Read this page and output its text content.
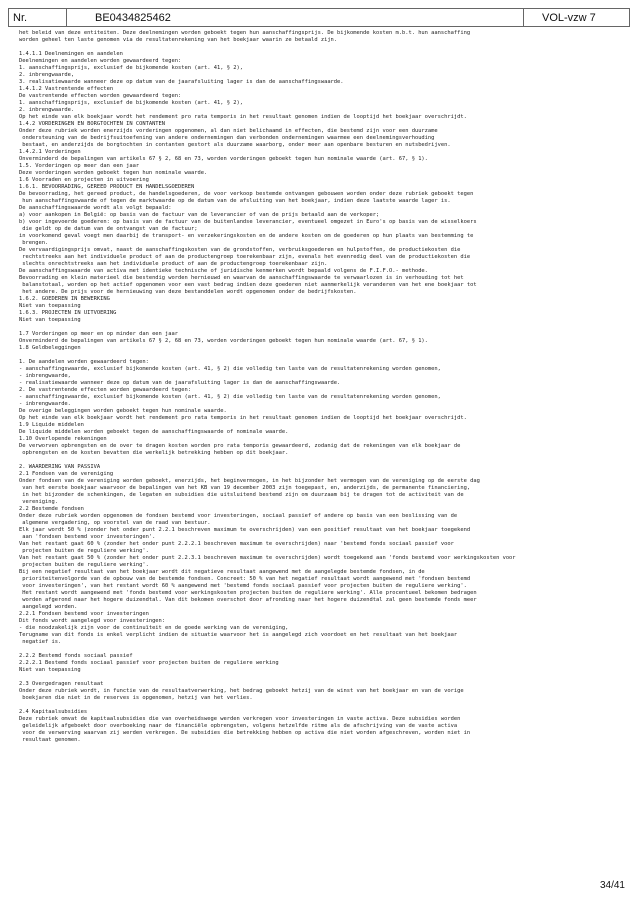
Nr.	BE0434825462	VOL-vzw 7
het beleid van deze entiteiten. Deze deelnemingen worden geboekt tegen hun aanschaffingsprijs. De bijkomende kosten m.b.t. hun aanschaffing
worden geheel ten laste genomen via de resultatenrekening van het boekjaar waarin ze betaald zijn.
1.4.1.1 Deelnemingen en aandelen
Deelnemingen en aandelen worden gewaardeerd tegen:
1. aanschaffingsprijs, exclusief de bijkomende kosten (art. 41, § 2),
2. inbrengwaarde,
3. realisatiewaarde wanneer deze op datum van de jaarafsluiting lager is dan de aanschaffingswaarde.
1.4.1.2 Vastrentende effecten
De vastrentende effecten worden gewaardeerd tegen:
1. aanschaffingsprijs, exclusief de bijkomende kosten (art. 41, § 2),
2. inbrengwaarde.
Op het einde van elk boekjaar wordt het rendement pro rata temporis in het resultaat genomen indien de looptijd het boekjaar overschrijdt.
1.4.2 VORDERINGEN EN BORGTOCHTEN IN CONTANTEN
Onder deze rubriek worden enerzijds vorderingen opgenomen, al dan niet belichaamd in effecten, die bestemd zijn voor een duurzame
ondersteuning van de bedrijfsuitoefening van andere ondernemingen dan verbonden ondernemingen waarmee een deelnemingsverhouding
bestaat, en anderzijds de borgtochten in contanten gestort als duurzame waarborg, onder meer aan openbare besturen en nutsbedrijven.
1.4.2.1 Vorderingen
Onverminderd de bepalingen van artikels 67 § 2, 68 en 73, worden vorderingen geboekt tegen hun nominale waarde (art. 67, § 1).
1.5. Vorderingen op meer dan een jaar
Deze vorderingen worden geboekt tegen hun nominale waarde.
1.6 Voorraden en projecten in uitvoering
1.6.1. BEVOORRADING, GEREED PRODUCT EN HANDELSGOEDEREN
De bevoorrading, het gereed product, de handelsgoederen, de voor verkoop bestemde ontvangen gebouwen worden onder deze rubriek geboekt tegen
hun aanschaffingswaarde of tegen de marktwaarde op de datum van de afsluiting van het boekjaar, indien deze laatste waarde lager is.
De aanschaffingswaarde wordt als volgt bepaald:
a) voor aankopen in België: op basis van de factuur van de leverancier of van de prijs betaald aan de verkoper;
b) voor ingevoerde goederen: op basis van de factuur van de buitenlandse leverancier, eventueel omgezet in Euro's op basis van de wisselkoers
die geldt op de datum van de ontvangst van de factuur;
in voorkomend geval voegt men daarbij de transport- en verzekeringskosten en de andere kosten om de goederen op hun plaats van bestemming te
brengen.
De vervaardigingsprijs omvat, naast de aanschaffingskosten van de grondstoffen, verbruiksgoederen en hulpstoffen, de productiekosten die
rechtstreeks aan het individuele product of aan de productengroep toerekenbaar zijn, evenals het evenredig deel van de productiekosten die
slechts onrechtstreeks aan het individuele product of aan de productengroep toerekenbaar zijn.
De aanschaffingswaarde van activa met identieke technische of juridische kenmerken wordt bepaald volgens de F.I.F.O.- methode.
Bevoorrading en klein materieel die bestendig worden hernieuwd en waarvan de aanschaffingswaarde te verwaarlozen is in verhouding tot het
balanstotaal, worden op het actief opgenomen voor een vast bedrag indien deze goederen niet aanmerkelijk veranderen van het ene boekjaar tot
het andere. De prijs voor de hernieuwing van deze bestanddelen wordt opgenomen onder de bedrijfskosten.
1.6.2. GOEDEREN IN BEWERKING
Niet van toepassing
1.6.3. PROJECTEN IN UITVOERING
Niet van toepassing
1.7 Vorderingen op meer en op minder dan een jaar
Onverminderd de bepalingen van artikels 67 § 2, 68 en 73, worden vorderingen geboekt tegen hun nominale waarde (art. 67, § 1).
1.8 Geldbeleggingen
1. De aandelen worden gewaardeerd tegen:
- aanschaffingswaarde, exclusief bijkomende kosten (art. 41, § 2) die volledig ten laste van de resultatenrekening worden genomen,
- inbrengwaarde,
- realisatiewaarde wanneer deze op datum van de jaarafsluiting lager is dan de aanschaffingswaarde.
2. De vastrentende effecten worden gewaardeerd tegen:
- aanschaffingswaarde, exclusief bijkomende kosten (art. 41, § 2) die volledig ten laste van de resultatenrekening worden genomen,
- inbrengwaarde.
De overige beleggingen worden geboekt tegen hun nominale waarde.
Op het einde van elk boekjaar wordt het rendement pro rata temporis in het resultaat genomen indien de looptijd het boekjaar overschrijdt.
1.9 Liquide middelen
De liquide middelen worden geboekt tegen de aanschaffingswaarde of nominale waarde.
1.10 Overlopende rekeningen
De verworven opbrengsten en de over te dragen kosten worden pro rata temporis gewaardeerd, zodanig dat de rekeningen van elk boekjaar de
opbrengsten en de kosten bevatten die werkelijk betrekking hebben op dit boekjaar.
2. WAARDERING VAN PASSIVA
2.1 Fondsen van de vereniging
Onder fondsen van de vereniging worden geboekt, enerzijds, het beginvermogen, in het bijzonder het vermogen van de vereniging op de eerste dag
van het eerste boekjaar waarvoor de bepalingen van het KB van 19 december 2003 zijn toegepast, en, anderzijds, de permanente financiering,
in het bijzonder de schenkingen, de legaten en subsidies die uitsluitend bestemd zijn om duurzaam bij te dragen tot de activiteit van de
vereniging.
2.2 Bestemde fondsen
Onder deze rubriek worden opgenomen de fondsen bestemd voor investeringen, sociaal passief of andere op basis van een beslissing van de
algemene vergadering, op voorstel van de raad van bestuur.
Elk jaar wordt 50 % (zonder het onder punt 2.2.1 beschreven maximum te overschrijden) van een positief resultaat van het boekjaar toegekend
aan 'fondsen bestemd voor investeringen'.
Van het restant gaat 60 % (zonder het onder punt 2.2.2.1 beschreven maximum te overschrijden) naar 'bestemd fonds sociaal passief voor
projecten buiten de reguliere werking'.
Van het restant gaat 50 % (zonder het onder punt 2.2.3.1 beschreven maximum te overschrijden) wordt toegekend aan 'fonds bestemd voor werkingskosten voor
projecten buiten de reguliere werking'.
Bij een negatief resultaat van het boekjaar wordt dit negatieve resultaat aangewend met de aangelegde bestemde fondsen, in de
prioriteitenvolgorde van de opbouw van de bestemde fondsen. Concreet: 50 % van het negatief resultaat wordt aangewend met 'fondsen bestemd
voor investeringen', van het restant wordt 60 % aangewend met 'bestemd fonds sociaal passief voor projecten buiten de reguliere werking'.
Het restant wordt aangewend met 'fonds bestemd voor werkingskosten projecten buiten de reguliere werking'. Alle procentueel bekomen bedragen
worden afgerond naar het hogere duizendtal. Van dit bekomen overschot door afronding naar het hogere duizendtal zal geen bestemde fonds meer
aangelegd worden.
2.2.1 Fondsen bestemd voor investeringen
Dit fonds wordt aangelegd voor investeringen:
- die noodzakelijk zijn voor de continuïteit en de goede werking van de vereniging,
Terugname van dit fonds is enkel verplicht indien de situatie waarvoor het is aangelegd zich voordoet en het resultaat van het boekjaar
negatief is.
2.2.2 Bestemd fonds sociaal passief
2.2.2.1 Bestemd fonds sociaal passief voor projecten buiten de reguliere werking
Niet van toepassing
2.3 Overgedragen resultaat
Onder deze rubriek wordt, in functie van de resultaatverwerking, het bedrag geboekt hetzij van de winst van het boekjaar en van de vorige
boekjaren die niet in de reserves is opgenomen, hetzij van het verlies.
2.4 Kapitaalsubsidies
Deze rubriek omvat de kapitaalsubsidies die van overheidswege werden verkregen voor investeringen in vaste activa. Deze subsidies worden
geleidelijk afgeboekt door overboeking naar de financiële opbrengsten, volgens hetzelfde ritme als de afschrijving van de vaste activa
voor de verwerving waarvan zij werden verkregen. De subsidies die betrekking hebben op activa die niet worden afgeschreven, worden niet in
resultaat genomen.
34/41
